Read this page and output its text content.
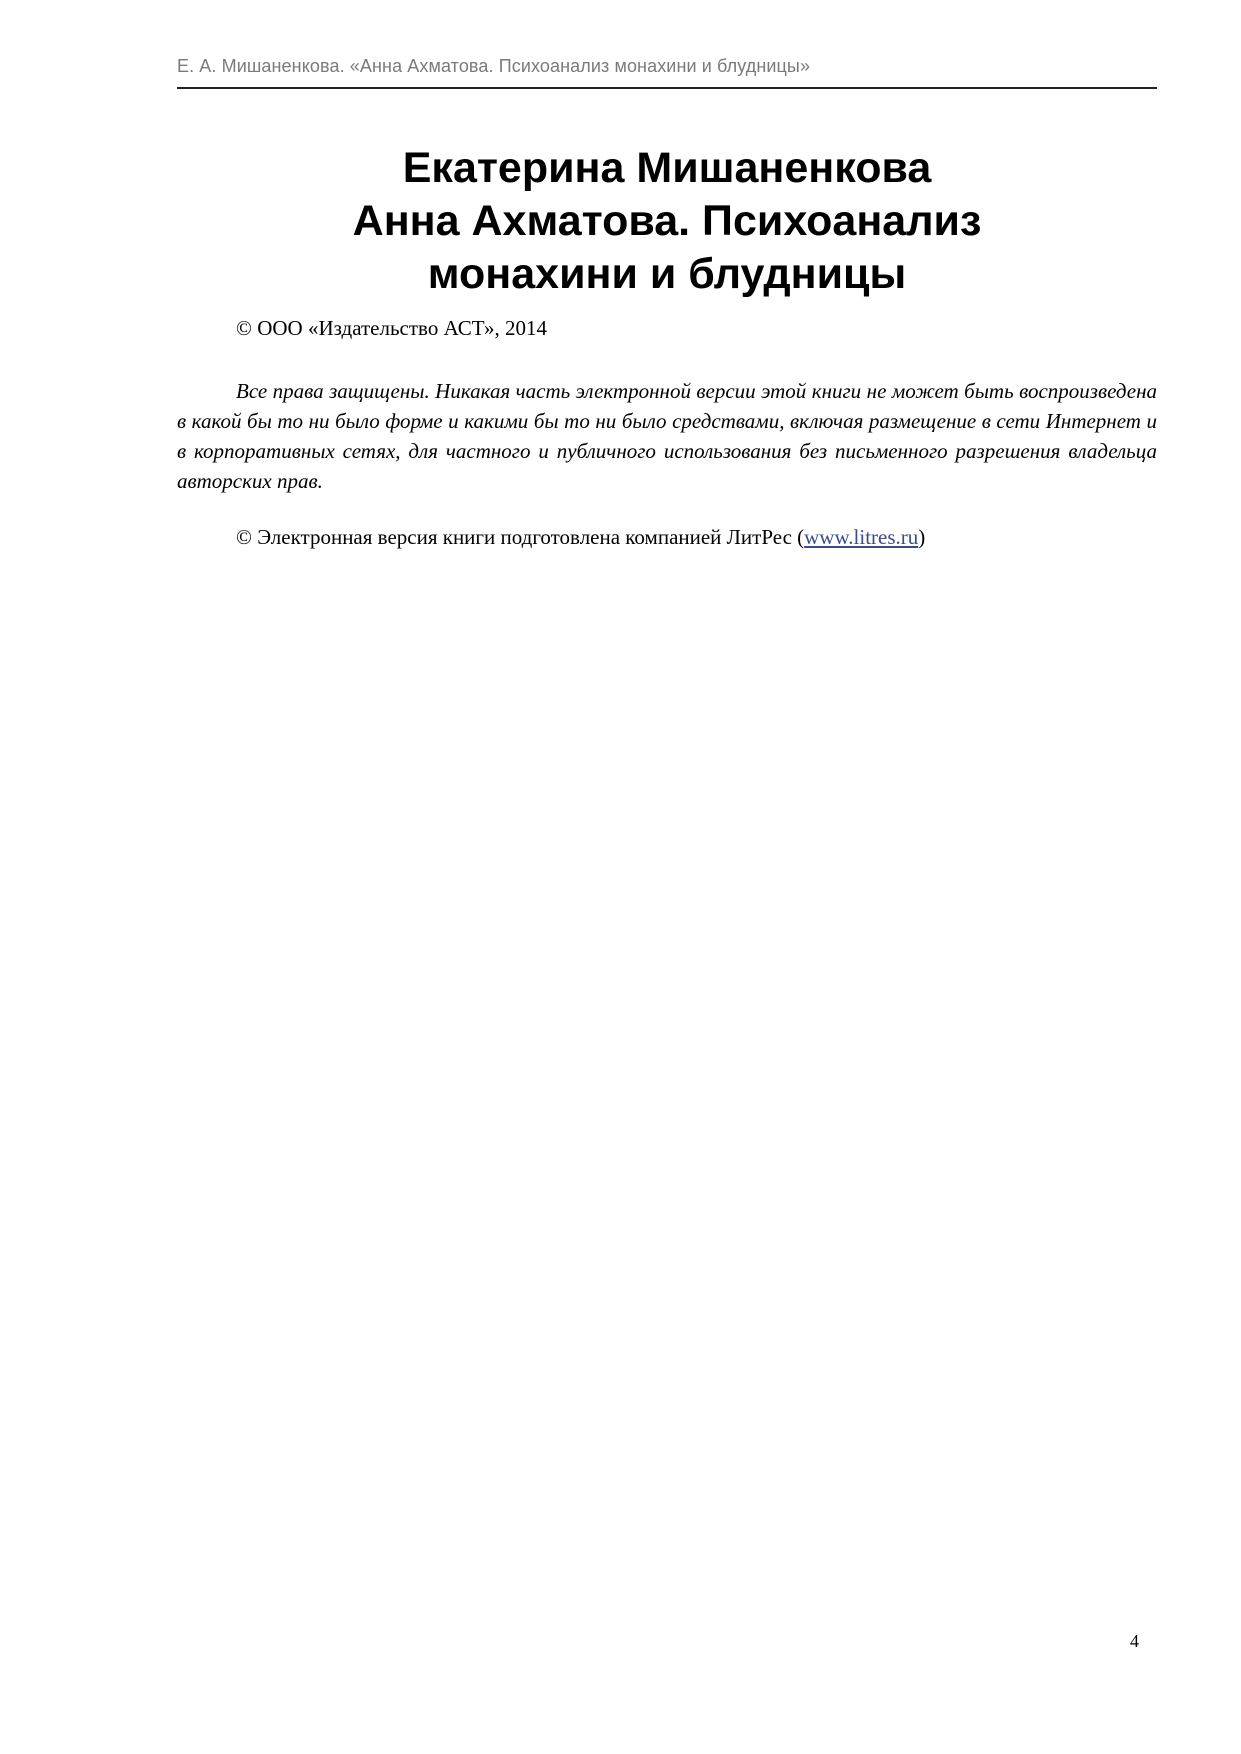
Е. А. Мишаненкова. «Анна Ахматова. Психоанализ монахини и блудницы»
Екатерина Мишаненкова
Анна Ахматова. Психоанализ
монахини и блудницы
© ООО «Издательство АСТ», 2014
Все права защищены. Никакая часть электронной версии этой книги не может быть воспроизведена в какой бы то ни было форме и какими бы то ни было средствами, включая размещение в сети Интернет и в корпоративных сетях, для частного и публичного использования без письменного разрешения владельца авторских прав.
© Электронная версия книги подготовлена компанией ЛитРес (www.litres.ru)
4
